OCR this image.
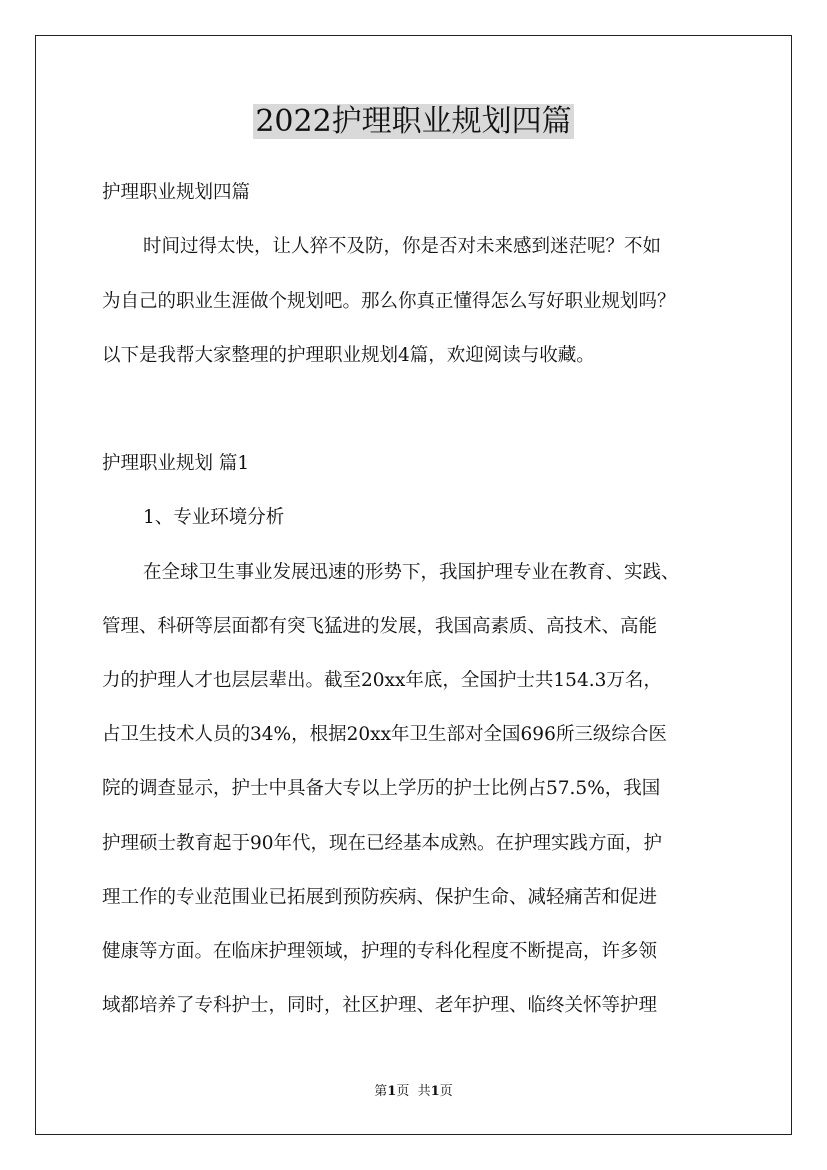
2022护理职业规划四篇
护理职业规划四篇
时间过得太快，让人猝不及防，你是否对未来感到迷茫呢？不如
为自己的职业生涯做个规划吧。那么你真正懂得怎么写好职业规划吗？
以下是我帮大家整理的护理职业规划4篇，欢迎阅读与收藏。
护理职业规划 篇1
1、专业环境分析
在全球卫生事业发展迅速的形势下，我国护理专业在教育、实践、
管理、科研等层面都有突飞猛进的发展，我国高素质、高技术、高能
力的护理人才也层层辈出。截至20xx年底，全国护士共154.3万名，
占卫生技术人员的34%，根据20xx年卫生部对全国696所三级综合医
院的调查显示，护士中具备大专以上学历的护士比例占57.5%，我国
护理硕士教育起于90年代，现在已经基本成熟。在护理实践方面，护
理工作的专业范围业已拓展到预防疾病、保护生命、减轻痛苦和促进
健康等方面。在临床护理领域，护理的专科化程度不断提高，许多领
域都培养了专科护士，同时，社区护理、老年护理、临终关怀等护理
第1页 共1页
